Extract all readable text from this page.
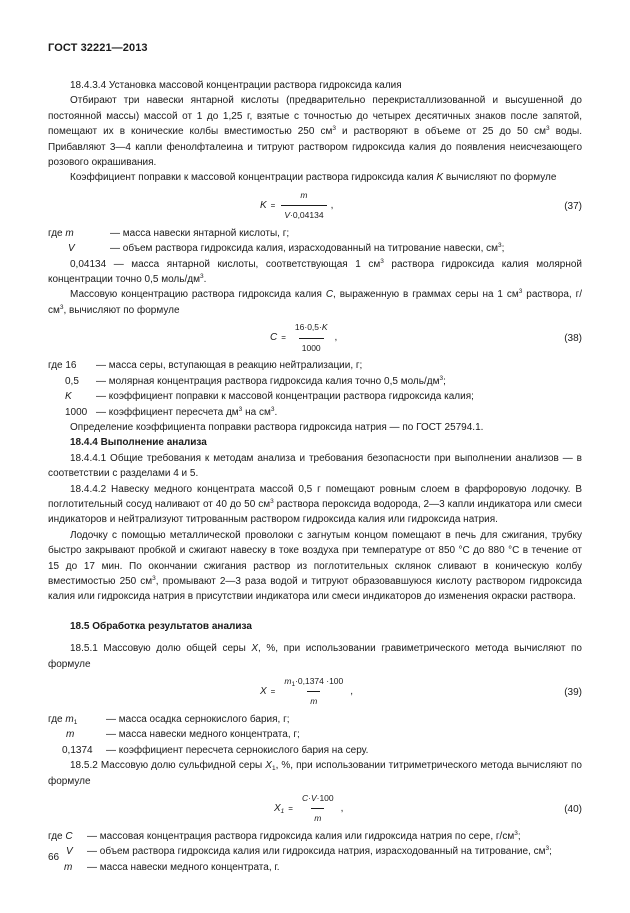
ГОСТ 32221—2013

18.4.3.4 Установка массовой концентрации раствора гидроксида калия

Отбирают три навески янтарной кислоты (предварительно перекристаллизованной и высушенной до постоянной массы) массой от 1 до 1,25 г, взятые с точностью до четырех десятичных знаков после запятой, помещают их в конические колбы вместимостью 250 $см^3$ и растворяют в объеме от 25 до 50 $см^3$ воды. Прибавляют 3—4 капли фенолфталеина и титруют раствором гидроксида калия до появления неисчезающего розового окрашивания.

Коэффициент поправки к массовой концентрации раствора гидроксида калия K вычисляют по формуле

$K = \frac{m}{V\cdot 0,04134}$ ,	(37)
где m	— масса навески янтарной кислоты, г;
V	— объем раствора гидроксида калия, израсходованный на титрование навески, $см^3$;

0,04134 — масса янтарной кислоты, соответствующая 1 $см^3$ раствора гидроксида калия молярной концентрации точно 0,5 моль/$дм^3$.

Массовую концентрацию раствора гидроксида калия C, выраженную в граммах серы на 1 $см^3$ раствора, $г/см^3$, вычисляют по формуле

$C = \frac{16\cdot 0,5\cdot K}{1000}$ ,	(38)
где 16	— масса серы, вступающая в реакцию нейтрализации, г;
0,5	— молярная концентрация раствора гидроксида калия точно 0,5 моль/$дм^3$;
K	— коэффициент поправки к массовой концентрации раствора гидроксида калия;
1000 — коэффициент пересчета $дм^3$ на $см^3$.

Определение коэффициента поправки раствора гидроксида натрия — по ГОСТ 25794.1.

18.4.4 Выполнение анализа

18.4.4.1 Общие требования к методам анализа и требования безопасности при выполнении анализов — в соответствии с разделами 4 и 5.

18.4.4.2 Навеску медного концентрата массой 0,5 г помещают ровным слоем в фарфоровую лодочку. В поглотительный сосуд наливают от 40 до 50 $см^3$ раствора пероксида водорода, 2—3 капли индикатора или смеси индикаторов и нейтрализуют титрованным раствором гидроксида калия или гидроксида натрия.

Лодочку с помощью металлической проволоки с загнутым концом помещают в печь для сжигания, трубку быстро закрывают пробкой и сжигают навеску в токе воздуха при температуре от 850 °С до 880 °С в течение от 15 до 17 мин. По окончании сжигания раствор из поглотительных склянок сливают в коническую колбу вместимостью 250 $см^3$, промывают 2—3 раза водой и титруют образовавшуюся кислоту раствором гидроксида калия или гидроксида натрия в присутствии индикатора или смеси индикаторов до изменения окраски раствора.

18.5 Обработка результатов анализа

18.5.1 Массовую долю общей серы X, %, при использовании гравиметрического метода вычисляют по формуле

$X = \frac{m_1\cdot 0,1374 \cdot 100}{m}$ ,	(39)
где $m_1$	— масса осадка сернокислого бария, г;
m	— масса навески медного концентрата, г;
0,1374	— коэффициент пересчета сернокислого бария на серу.

18.5.2 Массовую долю сульфидной серы $X_1$, %, при использовании титриметрического метода вычисляют по формуле

$X_1 = \frac{C\cdot V\cdot 100}{m}$ ,	(40)
где C	— массовая концентрация раствора гидроксида калия или гидроксида натрия по сере, $г/см^3$;
V	— объем раствора гидроксида калия или гидроксида натрия, израсходованный на титрование, $см^3$;
m	— масса навески медного концентрата, г.
66
